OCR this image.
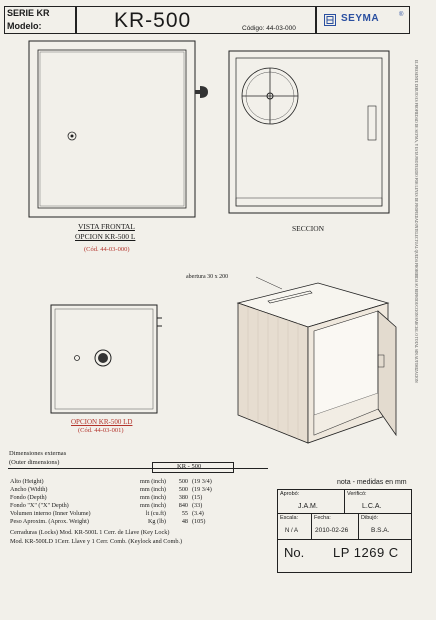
SERIE KR
Modelo:	KR-500	Código: 44-03-000
SEYMA	®
VISTA FRONTAL
OPCION KR-500 L
(Cód. 44-03-000)
SECCION
OPCION KR-500 LD
(Cód. 44-03-001)
abertura 30 x 200
Dimensiones externas
(Outer dimensions)
KR - 500
Alto (Height)	mm (inch)	500	(19 3/4)
Ancho (Width)	mm (inch)	500	(19 3/4)
Fondo (Depth)	mm (inch)	380	(15)
Fondo "X" ("X" Depth)	mm (inch)	840	(33)
Volumen interno (Inner Volume)	lt (cu.ft)	55	(3.4)
Peso Aproxim. (Aprox. Weight)	Kg (lb)	48	(105)
Cerraduras (Locks) Mod. KR-500L 1 Cerr. de Llave (Key Lock)
Mod. KR-500LD 1Cerr. Llave y 1 Cerr. Comb. (Keylock and Comb.)
nota - medidas en mm
Aprobó:
J.A.M.
Verificó:
L.C.A.
Escala:
N / A
Fecha:
2010-02-26
Dibujó:
B.S.A.
No. LP 1269 C
EL PRESENTE DIBUJO ES PROPIEDAD DE SEYMA, Y ESTA PROTEGIDO POR LEYES DE PROPIEDAD INTELECTUAL QUEDA PROHIBIDA SU REPRODUCCION PARCIAL O TOTAL SIN AUTORIZACION
